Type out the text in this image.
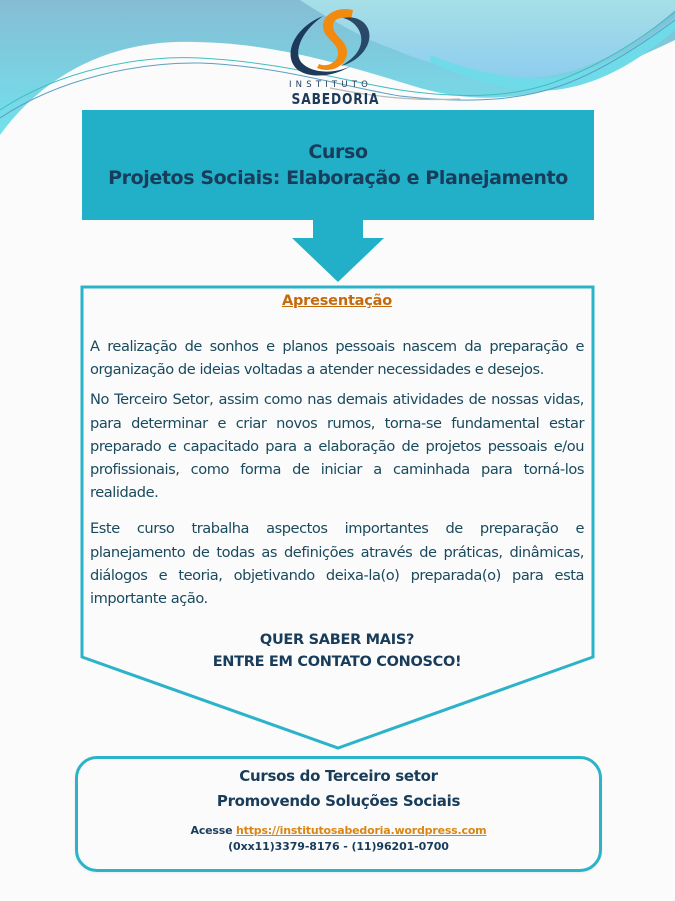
INSTITUTO
SABEDORIA
Curso
Projetos Sociais: Elaboração e Planejamento
Apresentação

A realização de sonhos e planos pessoais nascem da preparação e organização de ideias voltadas a atender necessidades e desejos.

No Terceiro Setor, assim como nas demais atividades de nossas vidas, para determinar e criar novos rumos, torna-se fundamental estar preparado e capacitado para a elaboração de projetos pessoais e/ou profissionais, como forma de iniciar a caminhada para torná-los realidade.

Este curso trabalha aspectos importantes de preparação e planejamento de todas as definições através de práticas, dinâmicas, diálogos e teoria, objetivando deixa-la(o) preparada(o) para esta importante ação.

QUER SABER MAIS?
ENTRE EM CONTATO CONOSCO!
Cursos do Terceiro setor
Promovendo Soluções Sociais
Acesse https://institutosabedoria.wordpress.com
(0xx11)3379-8176 - (11)96201-0700
